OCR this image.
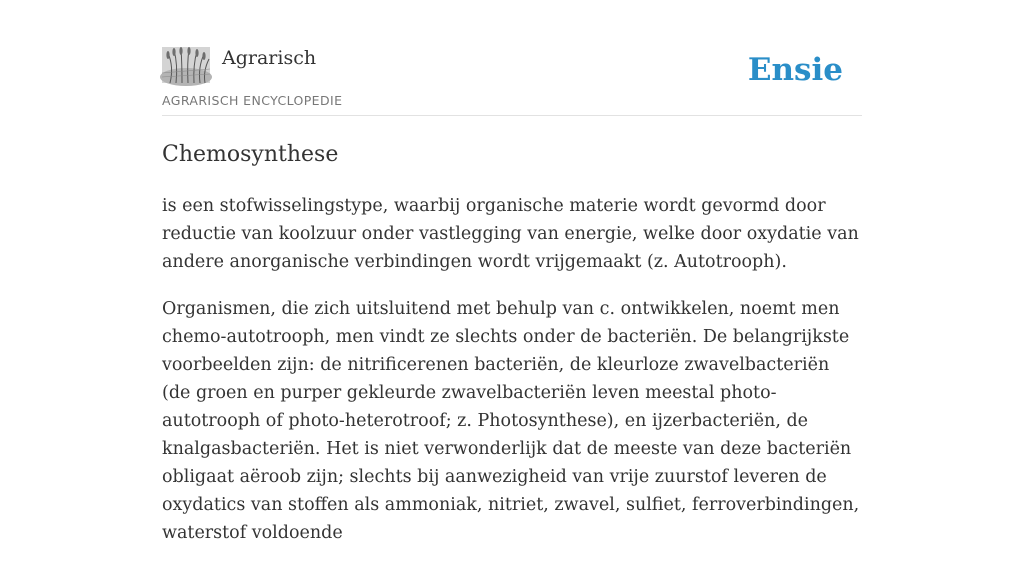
Agrarisch
AGRARISCH ENCYCLOPEDIE
Ensie
Chemosynthese

is een stofwisselingstype, waarbij organische materie wordt gevormd door reductie van koolzuur onder vastlegging van energie, welke door oxydatie van andere anorganische verbindingen wordt vrijgemaakt (z. Autotrooph).

Organismen, die zich uitsluitend met behulp van c. ontwikkelen, noemt men chemo-autotrooph, men vindt ze slechts onder de bacteriën. De belangrijkste voorbeelden zijn: de nitrificerenen bacteriën, de kleurloze zwavelbacteriën (de groen en purper gekleurde zwavelbacteriën leven meestal photo-autotrooph of photo-heterotroof; z. Photosynthese), en ijzerbacteriën, de knalgasbacteriën. Het is niet verwonderlijk dat de meeste van deze bacteriën obligaat aëroob zijn; slechts bij aanwezigheid van vrije zuurstof leveren de oxydatics van stoffen als ammoniak, nitriet, zwavel, sulfiet, ferroverbindingen, waterstof voldoende
